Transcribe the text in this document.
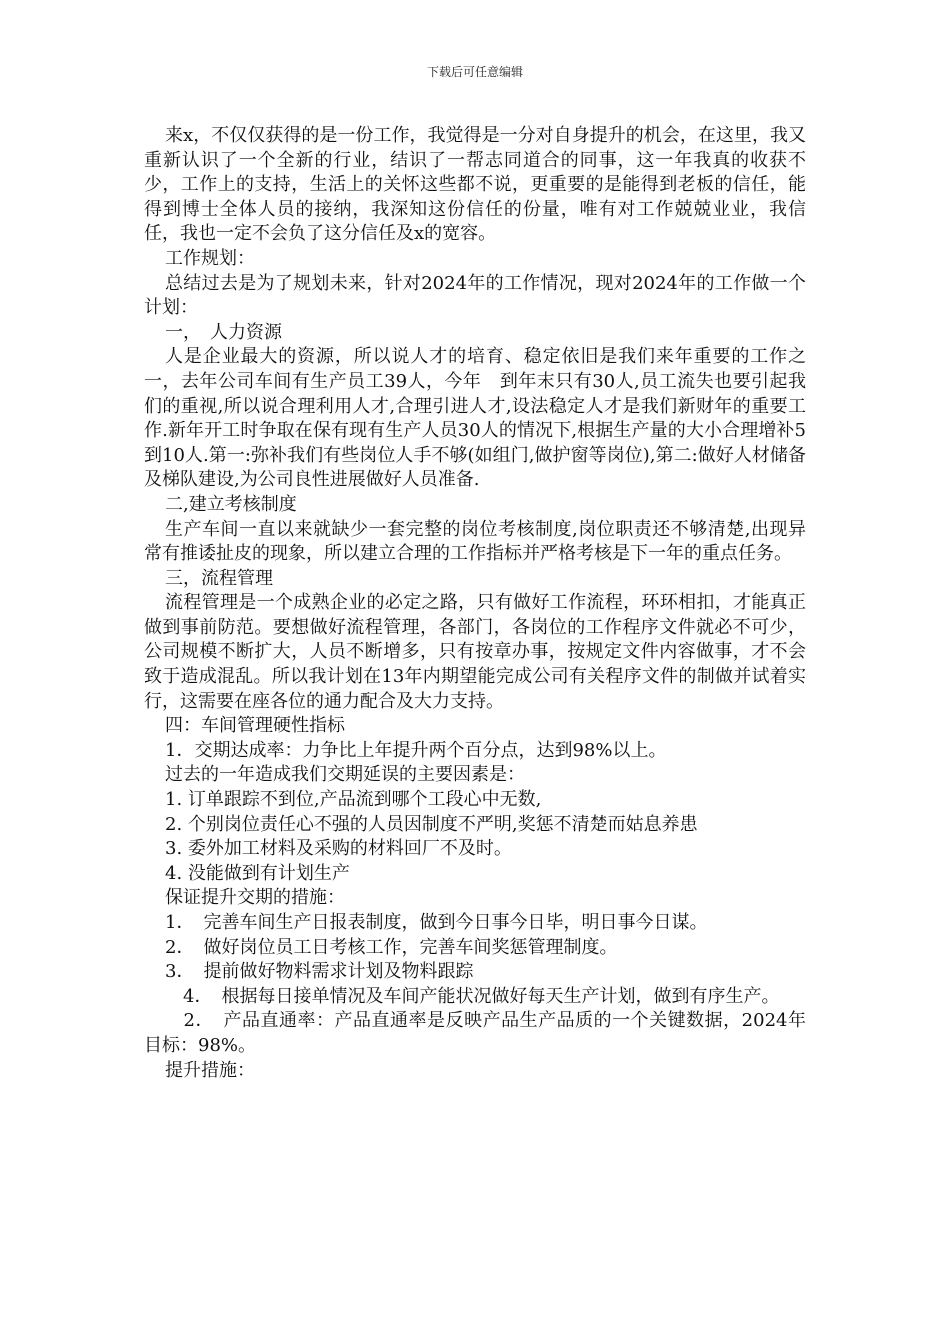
下载后可任意编辑

来x，不仅仅获得的是一份工作，我觉得是一分对自身提升的机会，在这里，我又重新认识了一个全新的行业，结识了一帮志同道合的同事，这一年我真的收获不少，工作上的支持，生活上的关怀这些都不说，更重要的是能得到老板的信任，能得到博士全体人员的接纳，我深知这份信任的份量，唯有对工作兢兢业业，我信任，我也一定不会负了这分信任及x的宽容。

工作规划：

总结过去是为了规划未来，针对2024年的工作情况，现对2024年的工作做一个计划：

一，　人力资源

人是企业最大的资源，所以说人才的培育、稳定依旧是我们来年重要的工作之一，去年公司车间有生产员工39人，今年　到年末只有30人,员工流失也要引起我们的重视,所以说合理利用人才,合理引进人才,设法稳定人才是我们新财年的重要工作.新年开工时争取在保有现有生产人员30人的情况下,根据生产量的大小合理增补5到10人.第一:弥补我们有些岗位人手不够(如组门,做护窗等岗位),第二:做好人材储备及梯队建设,为公司良性进展做好人员准备.

二,建立考核制度

生产车间一直以来就缺少一套完整的岗位考核制度,岗位职责还不够清楚,出现异常有推诿扯皮的现象，所以建立合理的工作指标并严格考核是下一年的重点任务。

三，流程管理

流程管理是一个成熟企业的必定之路，只有做好工作流程，环环相扣，才能真正做到事前防范。要想做好流程管理，各部门，各岗位的工作程序文件就必不可少，公司规模不断扩大，人员不断增多，只有按章办事，按规定文件内容做事，才不会致于造成混乱。所以我计划在13年内期望能完成公司有关程序文件的制做并试着实行，这需要在座各位的通力配合及大力支持。

四：车间管理硬性指标

1．交期达成率：力争比上年提升两个百分点，达到98%以上。

过去的一年造成我们交期延误的主要因素是：

1. 订单跟踪不到位,产品流到哪个工段心中无数,

2. 个别岗位责任心不强的人员因制度不严明,奖惩不清楚而姑息养患

3. 委外加工材料及采购的材料回厂不及时。

4. 没能做到有计划生产

保证提升交期的措施：

1．　完善车间生产日报表制度，做到今日事今日毕，明日事今日谋。

2．　做好岗位员工日考核工作，完善车间奖惩管理制度。

3．　提前做好物料需求计划及物料跟踪

　4．　根据每日接单情况及车间产能状况做好每天生产计划，做到有序生产。

　2．　产品直通率：产品直通率是反映产品生产品质的一个关键数据，2024年目标：98%。

提升措施：
